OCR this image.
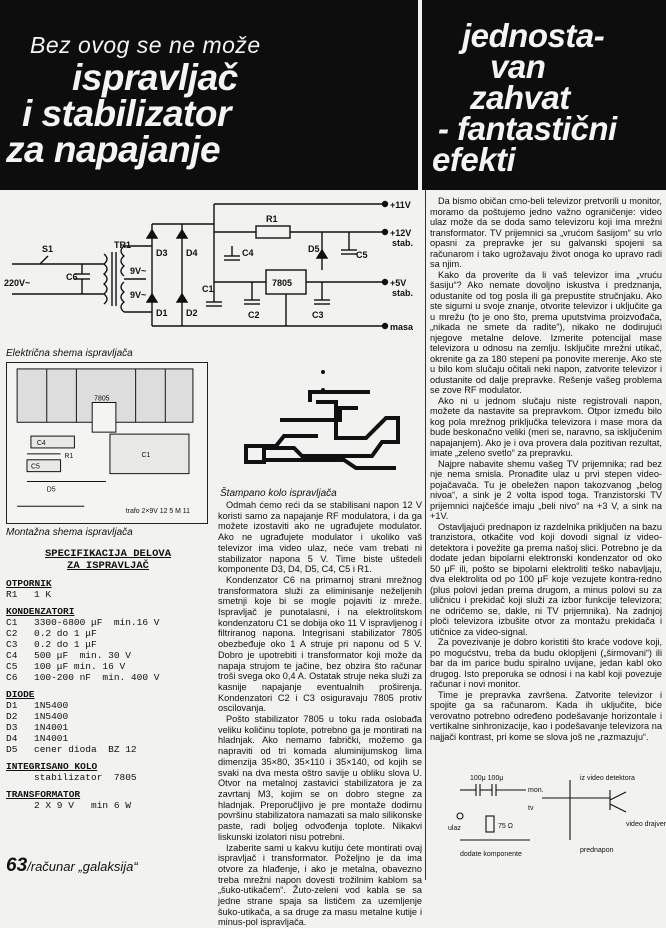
Bez ovog se ne može
ispravljač
i stabilizator
za napajanje
jednosta-
van
zahvat
- fantastični
efekti
S1
220V~
C6
TR1
9V~
9V~
D3 D4
D1 D2
C4
R1
D5
C5
7805
C1
C2	C3
+11V
+12V
stab.
+5V
stab.
masa
Električna shema ispravljača
7805
C4
C1
C5
R1
D5
trafo 2×9V 12 5 M 11
Montažna shema ispravljača
Štampano kolo ispravljača

Odmah ćemo reći da se stabilisani napon 12 V koristi samo za napajanje RF modulatora, i da ga možete izostaviti ako ne ugrađujete modulator. Ako ne ugrađujete modulator i ukoliko vaš televizor ima video ulaz, neće vam trebati ni stabilizator napona 5 V. Time biste uštedeli komponente D3, D4, D5, C4, C5 i R1.

Kondenzator C6 na primarnoj strani mrežnog transformatora služi za eliminisanje neželjenih smetnji koje bi se mogle pojaviti iz mreže. Ispravljač je punotalasni, i na elektrolitskom kondenzatoru C1 se dobija oko 11 V ispravljenog i filtriranog napona. Integrisani stabilizator 7805 obezbeđuje oko 1 A struje pri naponu od 5 V. Dobro je upotrebiti i transformator koji može da napaja strujom te jačine, bez obzira što računar troši svega oko 0,4 A. Ostatak struje neka služi za kasnije napajanje eventualnih proširenja. Kondenzatori C2 i C3 osiguravaju 7805 protiv oscilovanja.

Pošto stabilizator 7805 u toku rada oslobađa veliku količinu toplote, potrebno ga je montirati na hladnjak. Ako nemamo fabrički, možemo ga napraviti od tri komada aluminijumskog lima dimenzija 35×80, 35×110 i 35×140, od kojih se svaki na dva mesta oštro savije u obliku slova U. Otvor na metalnoj zastavici stabilizatora je za zavrtanj M3, kojim se on dobro stegne za hladnjak. Preporučljivo je pre montaže dodirnu površinu stabilizatora namazati sa malo silikonske paste, radi boljeg odvođenja toplote. Nikakvi liskunski izolatori nisu potrebni.

Izaberite sami u kakvu kutiju ćete montirati ovaj ispravljač i transformator. Poželjno je da ima otvore za hlađenje, i ako je metalna, obavezno treba mrežni napon dovesti trožilnim kablom sa „šuko-utikačem“. Žuto-zeleni vod kabla se sa jedne strane spaja sa lističem za uzemljenje šuko-utikača, a sa druge za masu metalne kutije i minus-pol ispravljača.

SPECIFIKACIJA DELOVA
ZA ISPRAVLJAČ
OTPORNIK
R1	1 K
KONDENZATORI
C1	3300-6800 μF  min.16 V
C2	0.2 do 1 μF
C3	0.2 do 1 μF
C4	500 μF  min. 30 V
C5	100 μF min. 16 V
C6	100-200 nF  min. 400 V
DIODE
D1	1N5400
D2	1N5400
D3	1N4001
D4	1N4001
D5	cener dioda  BZ 12
INTEGRISANO KOLO
stabilizator  7805
TRANSFORMATOR
2 X 9 V   min 6 W

Da bismo običan crno-beli televizor pretvorili u monitor, moramo da poštujemo jedno važno ograničenje: video ulaz može da se doda samo televizoru koji ima mrežni transformator. TV prijemnici sa „vrućom šasijom“ su vrlo opasni za prepravke jer su galvanski spojeni sa računarom i tako ugrožavaju život onoga ko upravo radi sa njim.

Kako da proverite da li vaš televizor ima „vruću šasiju“? Ako nemate dovoljno iskustva i predznanja, odustanite od tog posla ili ga prepustite stručnjaku. Ako ste sigurni u svoje znanje, otvorite televizor i uključite ga u mrežu (to je ono što, prema uputstvima proizvođača, „nikada ne smete da radite“), nikako ne dodirujući njegove metalne delove. Izmerite potencijal mase televizora u odnosu na zemlju. Isključite mrežni utikač, okrenite ga za 180 stepeni pa ponovite merenje. Ako ste u bilo kom slučaju očitali neki napon, zatvorite televizor i odustanite od dalje prepravke. Rešenje vašeg problema se zove RF modulator.

Ako ni u jednom slučaju niste registrovali napon, možete da nastavite sa prepravkom. Otpor između bilo kog pola mrežnog priključka televizora i mase mora da bude beskonačno veliki (meri se, naravno, sa isključenim napajanjem). Ako je i ova provera dala pozitivan rezultat, imate „zeleno svetlo“ za prepravku.

Najpre nabavite shemu vašeg TV prijemnika; rad bez nje nema smisla. Pronađite ulaz u prvi stepen video-pojačavača. Tu je obeležen napon takozvanog „belog nivoa“, a sink je 2 volta ispod toga. Tranzistorski TV prijemnici najčešće imaju „beli nivo“ na +3 V, a sink na +1V.

Ostavljajući prednapon iz razdelnika priključen na bazu tranzistora, otkačite vod koji dovodi signal iz video-detektora i povežite ga prema našoj slici. Potrebno je da dodate jedan bipolarni elektronski kondenzator od oko 50 μF ili, pošto se bipolarni elektroliti teško nabavljaju, dva elektrolita od po 100 μF koje vezujete kontra-redno (plus polovi jedan prema drugom, a minus polovi su za uličnicu i prekidač koji služi za izbor funkcije televizora; ne odričemo se, dakle, ni TV prijemnika). Na zadnjoj ploči televizora izbušite otvor za montažu prekidača i utičnice za video-signal.

Za povezivanje je dobro koristiti što kraće vodove koji, po mogućstvu, treba da budu oklopljeni („širmovani“) ili bar da im parice budu spiralno uvijane, jedan kabl oko drugog. Isto preporuka se odnosi i na kabl koji povezuje računar i novi monitor.

Time je prepravka završena. Zatvorite televizor i spojite ga sa računarom. Kada ih uključite, biće verovatno potrebno određeno podešavanje horizontale i vertikalne sinhronizacije, kao i podešavanje televizora na najjači kontrast, pri kome se slova još ne „razmazuju“.

100μ 100μ	iz video detektora
mon.
tv
video drajver
ulaz	75 Ω
dodate komponente
prednapon
63/računar „galaksija“
